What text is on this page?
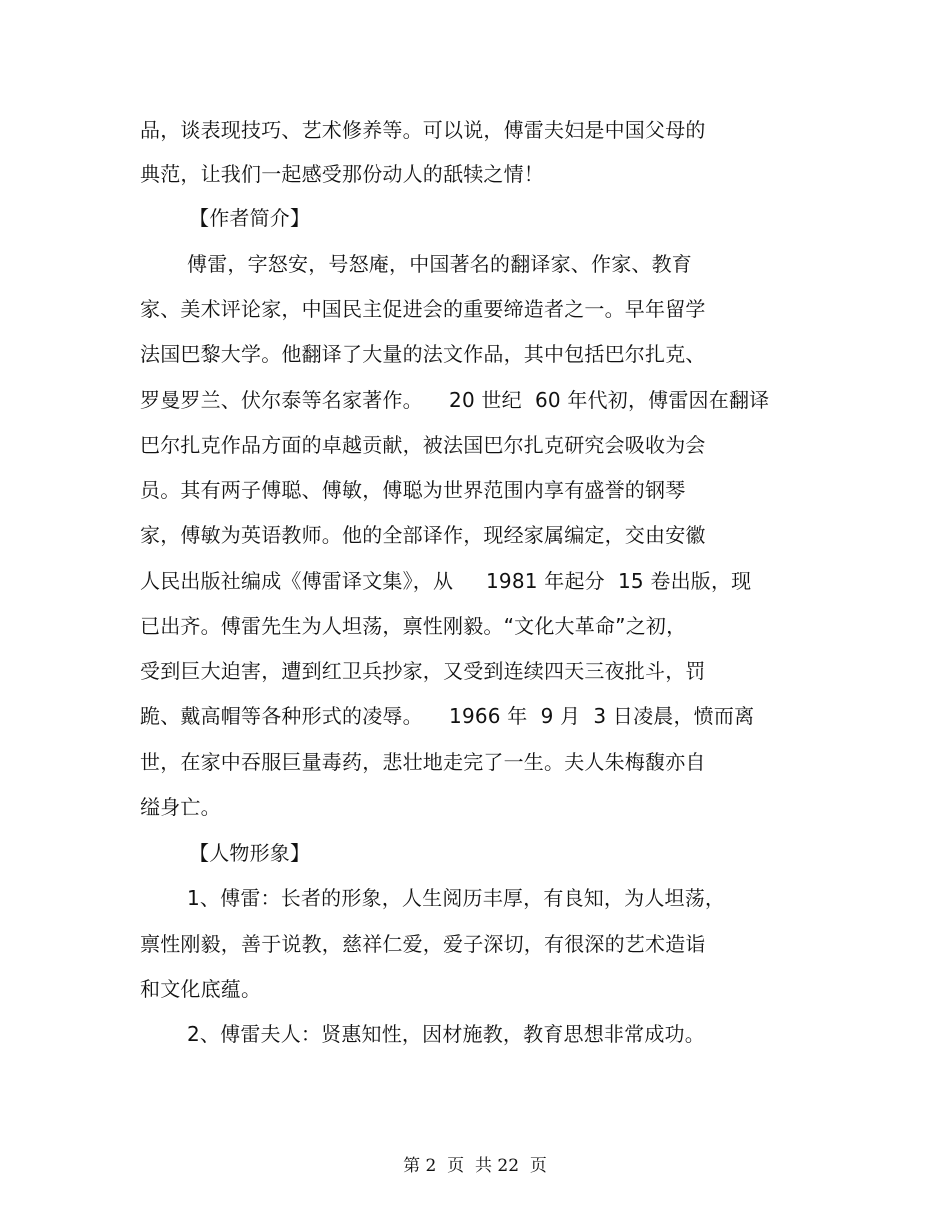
品，谈表现技巧、艺术修养等。可以说，傅雷夫妇是中国父母的
典范，让我们一起感受那份动人的舐犊之情！
【作者简介】
傅雷，字怒安，号怒庵，中国著名的翻译家、作家、教育
家、美术评论家，中国民主促进会的重要缔造者之一。早年留学
法国巴黎大学。他翻译了大量的法文作品，其中包括巴尔扎克、
罗曼罗兰、伏尔泰等名家著作。    20 世纪  60 年代初，傅雷因在翻译
巴尔扎克作品方面的卓越贡献，被法国巴尔扎克研究会吸收为会
员。其有两子傅聪、傅敏，傅聪为世界范围内享有盛誉的钢琴
家，傅敏为英语教师。他的全部译作，现经家属编定，交由安徽
人民出版社编成《傅雷译文集》，从     1981 年起分  15 卷出版，现
已出齐。傅雷先生为人坦荡，禀性刚毅。“文化大革命”之初，
受到巨大迫害，遭到红卫兵抄家，又受到连续四天三夜批斗，罚
跪、戴高帽等各种形式的凌辱。    1966 年  9 月  3 日凌晨，愤而离
世，在家中吞服巨量毒药，悲壮地走完了一生。夫人朱梅馥亦自
缢身亡。
【人物形象】
1、傅雷：长者的形象，人生阅历丰厚，有良知，为人坦荡，
禀性刚毅，善于说教，慈祥仁爱，爱子深切，有很深的艺术造诣
和文化底蕴。
2、傅雷夫人：贤惠知性，因材施教，教育思想非常成功。
第 2  页  共 22  页
